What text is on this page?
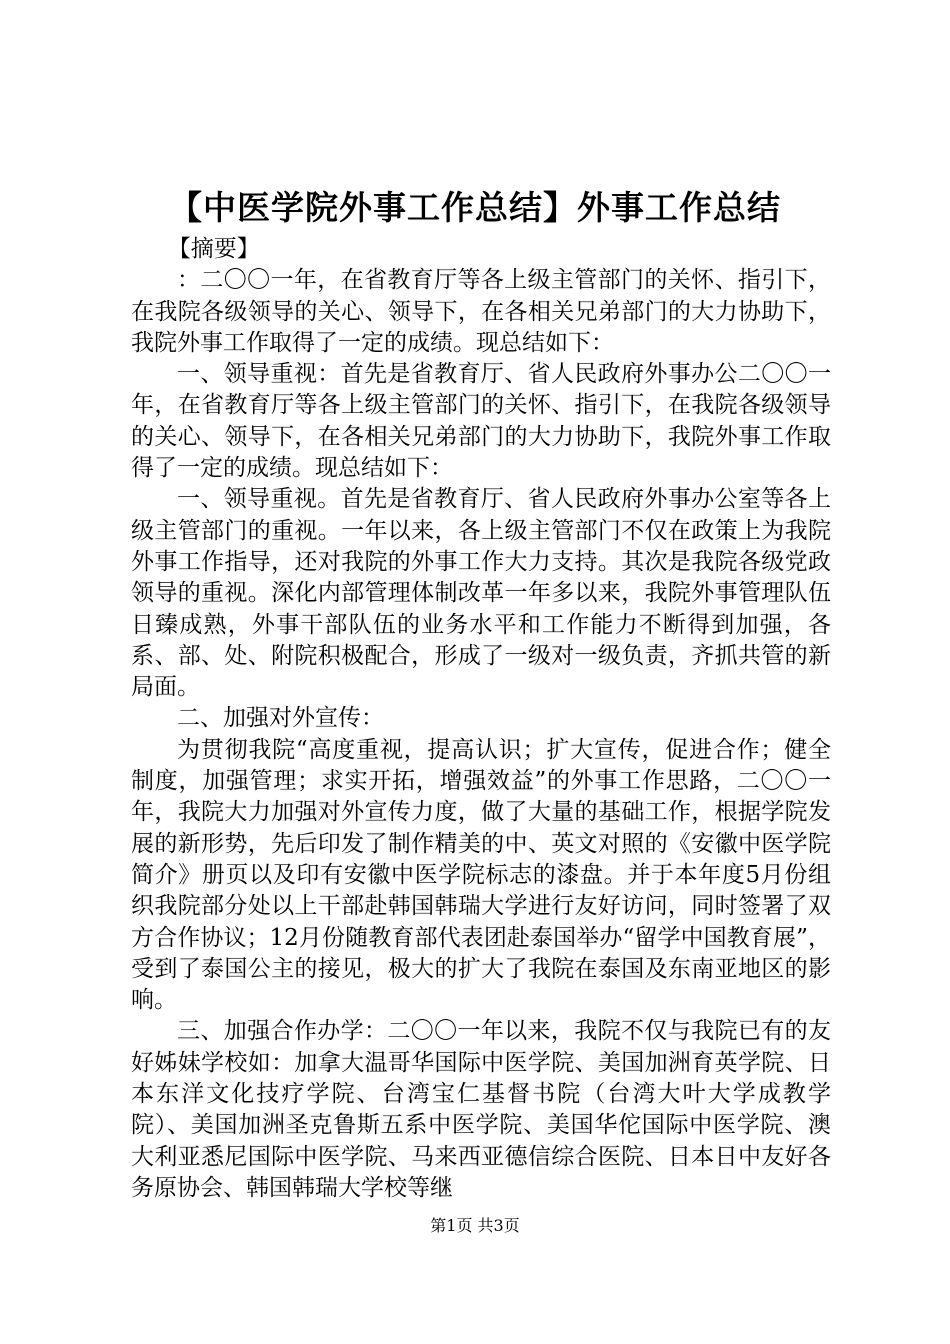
【中医学院外事工作总结】外事工作总结

【摘要】

：二〇〇一年，在省教育厅等各上级主管部门的关怀、指引下，在我院各级领导的关心、领导下，在各相关兄弟部门的大力协助下，我院外事工作取得了一定的成绩。现总结如下：

一、领导重视：首先是省教育厅、省人民政府外事办公二〇〇一年，在省教育厅等各上级主管部门的关怀、指引下，在我院各级领导的关心、领导下，在各相关兄弟部门的大力协助下，我院外事工作取得了一定的成绩。现总结如下：

一、领导重视。首先是省教育厅、省人民政府外事办公室等各上级主管部门的重视。一年以来，各上级主管部门不仅在政策上为我院外事工作指导，还对我院的外事工作大力支持。其次是我院各级党政领导的重视。深化内部管理体制改革一年多以来，我院外事管理队伍日臻成熟，外事干部队伍的业务水平和工作能力不断得到加强，各系、部、处、附院积极配合，形成了一级对一级负责，齐抓共管的新局面。

二、加强对外宣传：

为贯彻我院“高度重视，提高认识；扩大宣传，促进合作；健全制度，加强管理；求实开拓，增强效益”的外事工作思路，二〇〇一年，我院大力加强对外宣传力度，做了大量的基础工作，根据学院发展的新形势，先后印发了制作精美的中、英文对照的《安徽中医学院简介》册页以及印有安徽中医学院标志的漆盘。并于本年度5月份组织我院部分处以上干部赴韩国韩瑞大学进行友好访问，同时签署了双方合作协议；12月份随教育部代表团赴泰国举办“留学中国教育展”，受到了泰国公主的接见，极大的扩大了我院在泰国及东南亚地区的影响。

三、加强合作办学：二〇〇一年以来，我院不仅与我院已有的友好姊妹学校如：加拿大温哥华国际中医学院、美国加洲育英学院、日本东洋文化技疗学院、台湾宝仁基督书院（台湾大叶大学成教学院）、美国加洲圣克鲁斯五系中医学院、美国华佗国际中医学院、澳大利亚悉尼国际中医学院、马来西亚德信综合医院、日本日中友好各务原协会、韩国韩瑞大学校等继

第1页 共3页
